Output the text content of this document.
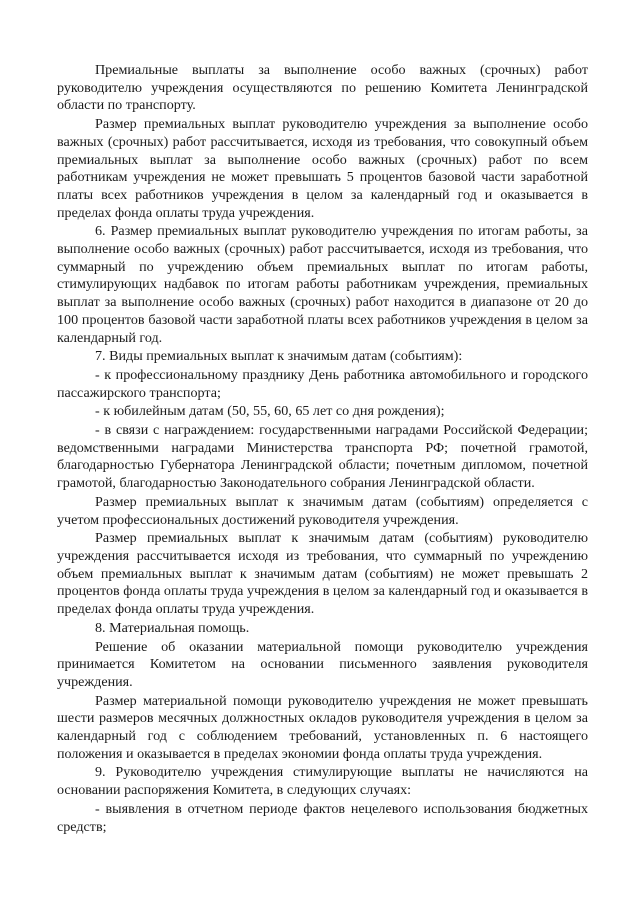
Премиальные выплаты за выполнение особо важных (срочных) работ руководителю учреждения осуществляются по решению Комитета Ленинградской области по транспорту.

Размер премиальных выплат руководителю учреждения за выполнение особо важных (срочных) работ рассчитывается, исходя из требования, что совокупный объем премиальных выплат за выполнение особо важных (срочных) работ по всем работникам учреждения не может превышать 5 процентов базовой части заработной платы всех работников учреждения в целом за календарный год и оказывается в пределах фонда оплаты труда учреждения.

6. Размер премиальных выплат руководителю учреждения по итогам работы, за выполнение особо важных (срочных) работ рассчитывается, исходя из требования, что суммарный по учреждению объем премиальных выплат по итогам работы, стимулирующих надбавок по итогам работы работникам учреждения, премиальных выплат за выполнение особо важных (срочных) работ находится в диапазоне от 20 до 100 процентов базовой части заработной платы всех работников учреждения в целом за календарный год.

7. Виды премиальных выплат к значимым датам (событиям):

- к профессиональному празднику День работника автомобильного и городского пассажирского транспорта;

- к юбилейным датам (50, 55, 60, 65 лет со дня рождения);

- в связи с награждением: государственными наградами Российской Федерации; ведомственными наградами Министерства транспорта РФ; почетной грамотой, благодарностью Губернатора Ленинградской области; почетным дипломом, почетной грамотой, благодарностью Законодательного собрания Ленинградской области.

Размер премиальных выплат к значимым датам (событиям) определяется с учетом профессиональных достижений руководителя учреждения.

Размер премиальных выплат к значимым датам (событиям) руководителю учреждения рассчитывается исходя из требования, что суммарный по учреждению объем премиальных выплат к значимым датам (событиям) не может превышать 2 процентов фонда оплаты труда учреждения в целом за календарный год и оказывается в пределах фонда оплаты труда учреждения.

8. Материальная помощь.

Решение об оказании материальной помощи руководителю учреждения принимается Комитетом на основании письменного заявления руководителя учреждения.

Размер материальной помощи руководителю учреждения не может превышать шести размеров месячных должностных окладов руководителя учреждения в целом за календарный год с соблюдением требований, установленных п. 6 настоящего положения и оказывается в пределах экономии фонда оплаты труда учреждения.

9. Руководителю учреждения стимулирующие выплаты не начисляются на основании распоряжения Комитета, в следующих случаях:

- выявления в отчетном периоде фактов нецелевого использования бюджетных средств;
